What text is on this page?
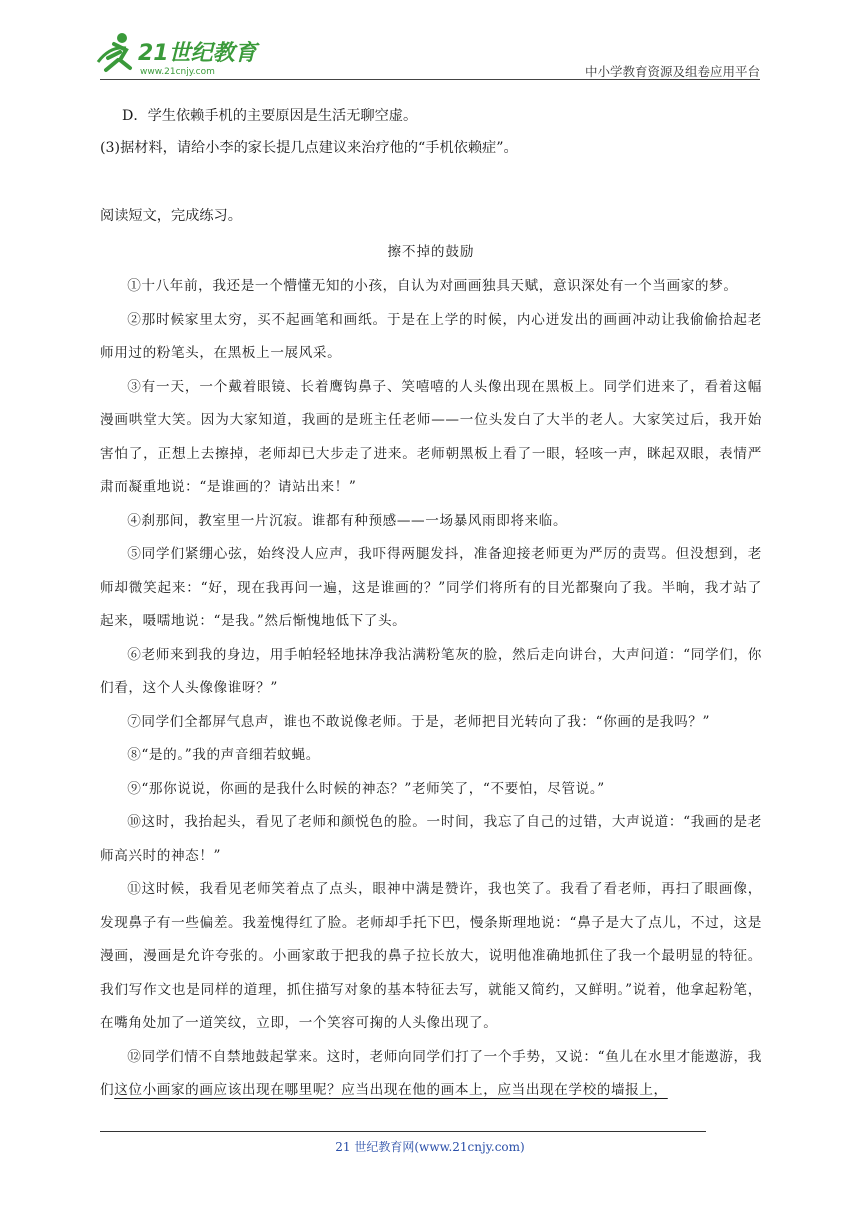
21世纪教育
www.21cnjy.com	中小学教育资源及组卷应用平台
D．学生依赖手机的主要原因是生活无聊空虚。
(3)据材料，请给小李的家长提几点建议来治疗他的“手机依赖症”。
阅读短文，完成练习。
擦不掉的鼓励

①十八年前，我还是一个懵懂无知的小孩，自认为对画画独具天赋，意识深处有一个当画家的梦。

②那时候家里太穷，买不起画笔和画纸。于是在上学的时候，内心迸发出的画画冲动让我偷偷拾起老师用过的粉笔头，在黑板上一展风采。

③有一天，一个戴着眼镜、长着鹰钩鼻子、笑嘻嘻的人头像出现在黑板上。同学们进来了，看着这幅漫画哄堂大笑。因为大家知道，我画的是班主任老师——一位头发白了大半的老人。大家笑过后，我开始害怕了，正想上去擦掉，老师却已大步走了进来。老师朝黑板上看了一眼，轻咳一声，眯起双眼，表情严肃而凝重地说：“是谁画的？请站出来！”

④刹那间，教室里一片沉寂。谁都有种预感——一场暴风雨即将来临。

⑤同学们紧绷心弦，始终没人应声，我吓得两腿发抖，准备迎接老师更为严厉的责骂。但没想到，老师却微笑起来：“好，现在我再问一遍，这是谁画的？”同学们将所有的目光都聚向了我。半晌，我才站了起来，嗫嚅地说：“是我。”然后惭愧地低下了头。

⑥老师来到我的身边，用手帕轻轻地抹净我沾满粉笔灰的脸，然后走向讲台，大声问道：“同学们，你们看，这个人头像像谁呀？”

⑦同学们全都屏气息声，谁也不敢说像老师。于是，老师把目光转向了我：“你画的是我吗？”

⑧“是的。”我的声音细若蚊蝇。

⑨“那你说说，你画的是我什么时候的神态？”老师笑了，“不要怕，尽管说。”

⑩这时，我抬起头，看见了老师和颜悦色的脸。一时间，我忘了自己的过错，大声说道：“我画的是老师高兴时的神态！”

⑪这时候，我看见老师笑着点了点头，眼神中满是赞许，我也笑了。我看了看老师，再扫了眼画像，发现鼻子有一些偏差。我羞愧得红了脸。老师却手托下巴，慢条斯理地说：“鼻子是大了点儿，不过，这是漫画，漫画是允许夸张的。小画家敢于把我的鼻子拉长放大，说明他准确地抓住了我一个最明显的特征。我们写作文也是同样的道理，抓住描写对象的基本特征去写，就能又简约，又鲜明。”说着，他拿起粉笔，在嘴角处加了一道笑纹，立即，一个笑容可掬的人头像出现了。

⑫同学们情不自禁地鼓起掌来。这时，老师向同学们打了一个手势，又说：“鱼儿在水里才能遨游，我们这位小画家的画应该出现在哪里呢？应当出现在他的画本上，应当出现在学校的墙报上，

21 世纪教育网(www.21cnjy.com)
